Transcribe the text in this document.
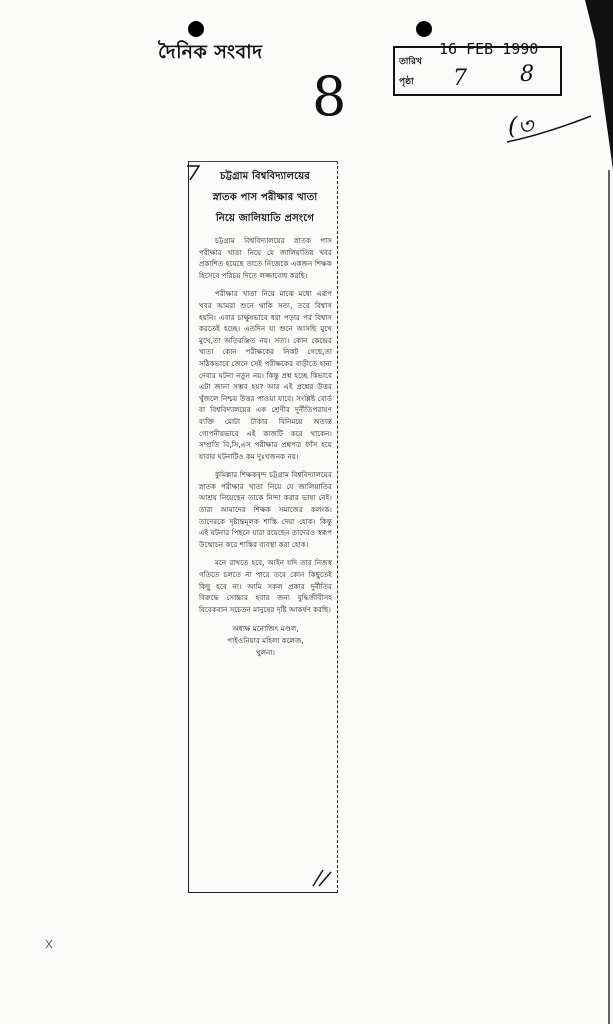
দৈনিক সংবাদ
8
তারিখ
পৃষ্ঠা
16 FEB 1990
7 8
(৩
চট্টগ্রাম বিশ্ববিদ্যালয়ের
স্নাতক পাস পরীক্ষার খাতা
নিয়ে জালিয়াতি প্রসংগে

চট্টগ্রাম বিশ্ববিদ্যালয়ের স্নাতক পাস পরীক্ষার খাতা নিয়ে যে জালিয়াতির খবর প্রকাশিত হয়েছে তাতে নিজেকে একজন শিক্ষক হিসেবে পরিচয় দিতে লজ্জাবোধ করছি।

পরীক্ষার খাতা নিয়ে মাঝে মধ্যে এরূপ খবর আমরা শুনে থাকি সত্য, তবে বিশ্বাস হয়নি। এবার চাক্ষুষভাবে ধরা পড়ার পর বিশ্বাস করতেই হচ্ছে। এতদিন যা শুনে আসছি মুখে মুখে,তা অতিরঞ্জিত নয়। সত্য। কোন কেন্দ্রের খাতা কোন পরীক্ষকের নিকট গেছে,তা সঠিকভাবে জেনে সেই পরীক্ষকের বাড়ীতে হানা দেবার ঘটনা নতুন নয়। কিন্তু প্রশ্ন হচ্ছে কিভাবে এটা জানা সম্ভব হয়? আর এই প্রশ্নের উত্তর খুঁজলে নিশ্চয় উত্তর পাওয়া যাবে। সংশ্লিষ্ট বোর্ড বা বিশ্ববিদ্যালয়ের এক শ্রেণীর দুর্নীতিপরায়ণ ব্যক্তি মোটা টাকার বিনিময়ে অত্যন্ত গোপনীয়ভাবে এই কাজটি করে থাকেন। সম্প্রতি বি,সি,এস পরীক্ষার প্রশ্নপত্র ফাঁস হয়ে যাবার ঘটনাটিও কম দুঃখজনক নয়।

কুমিল্লার শিক্ষকবৃন্দ চট্টগ্রাম বিশ্ববিদ্যালয়ের স্নাতক পরীক্ষার খাতা নিয়ে যে জালিয়াতির আশ্রয় নিয়েছেন তাকে নিন্দা করার ভাষা নেই। তারা আমাদের শিক্ষক সমাজের কলংক। তাদেরকে দৃষ্টান্তমূলক শাস্তি দেয়া হোক। কিন্তু এই ঘটনার পিছনে যারা রয়েছেন তাদেরও স্বরূপ উন্মোচন করে শাস্তির ব্যবস্থা করা হোক।

মনে রাখতে হবে, আইন যদি তার নিজস্ব গতিতে চলতে না পারে তবে কোন কিছুতেই কিছু হবে না। আমি সকল প্রকার দুর্নীতির বিরুদ্ধে সোচ্চার হবার জন্য বুদ্ধিজীবীসহ বিবেকবান সচেতন মানুষের দৃষ্টি আকর্ষণ করছি।

অধ্যক্ষ মনোজিৎ মণ্ডল,
পাইওনিয়ার মহিলা কলেজ,
খুলনা।
